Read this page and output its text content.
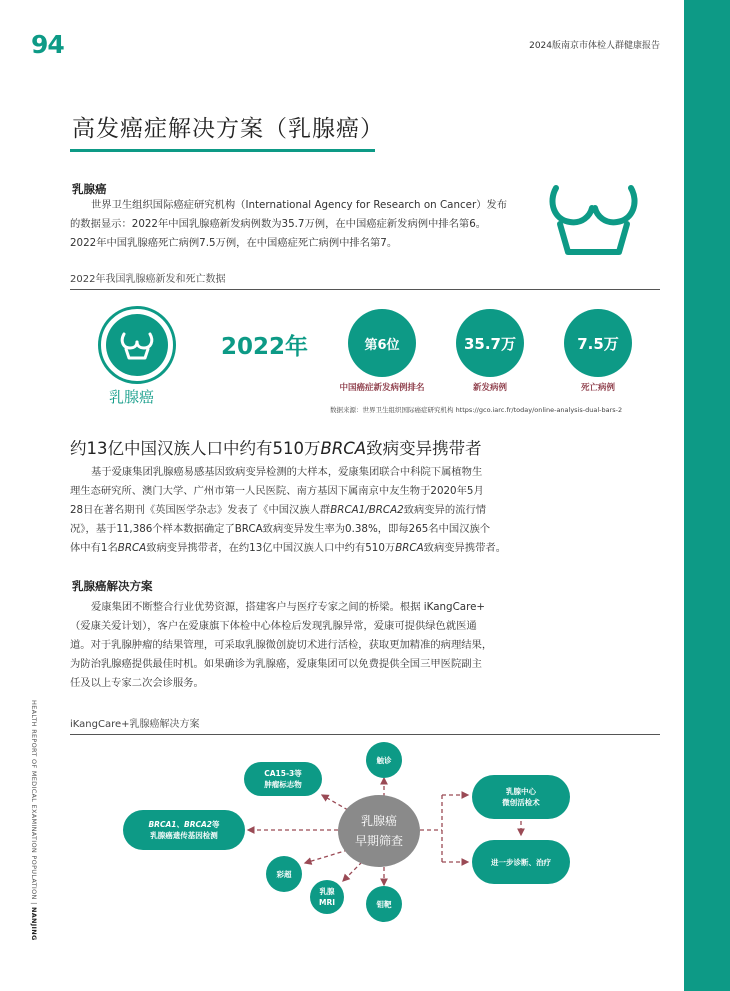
94	2024版南京市体检人群健康报告
高发癌症解决方案（乳腺癌）
乳腺癌
世界卫生组织国际癌症研究机构（International Agency for Research on Cancer）发布
的数据显示：2022年中国乳腺癌新发病例数为35.7万例，在中国癌症新发病例中排名第6。
2022年中国乳腺癌死亡病例7.5万例，在中国癌症死亡病例中排名第7。
2022年我国乳腺癌新发和死亡数据
乳腺癌
2022年	第6位	35.7万	7.5万
中国癌症新发病例排名	新发病例	死亡病例
数据来源：世界卫生组织国际癌症研究机构 https://gco.iarc.fr/today/online-analysis-dual-bars-2
约13亿中国汉族人口中约有510万BRCA致病变异携带者
基于爱康集团乳腺癌易感基因致病变异检测的大样本，爱康集团联合中科院下属植物生
理生态研究所、澳门大学、广州市第一人民医院、南方基因下属南京中友生物于2020年5月
28日在著名期刊《英国医学杂志》发表了《中国汉族人群BRCA1/BRCA2致病变异的流行情
况》，基于11,386个样本数据确定了BRCA致病变异发生率为0.38%，即每265名中国汉族个
体中有1名BRCA致病变异携带者，在约13亿中国汉族人口中约有510万BRCA致病变异携带者。
乳腺癌解决方案
爱康集团不断整合行业优势资源，搭建客户与医疗专家之间的桥梁。根据 iKangCare+
（爱康关爱计划），客户在爱康旗下体检中心体检后发现乳腺异常，爱康可提供绿色就医通
道。对于乳腺肿瘤的结果管理，可采取乳腺微创旋切术进行活检，获取更加精准的病理结果，
为防治乳腺癌提供最佳时机。如果确诊为乳腺癌，爱康集团可以免费提供全国三甲医院副主
任及以上专家二次会诊服务。
iKangCare+乳腺癌解决方案
乳腺癌
早期筛查
触诊
CA15-3等
肿瘤标志物
BRCA1、BRCA2等
乳腺癌遗传基因检测
彩超
乳腺
MRI	钼靶
乳腺中心
微创活检术
进一步诊断、治疗
HEALTH REPORT OF MEDICAL EXAMINATION POPULATION | NANJING
